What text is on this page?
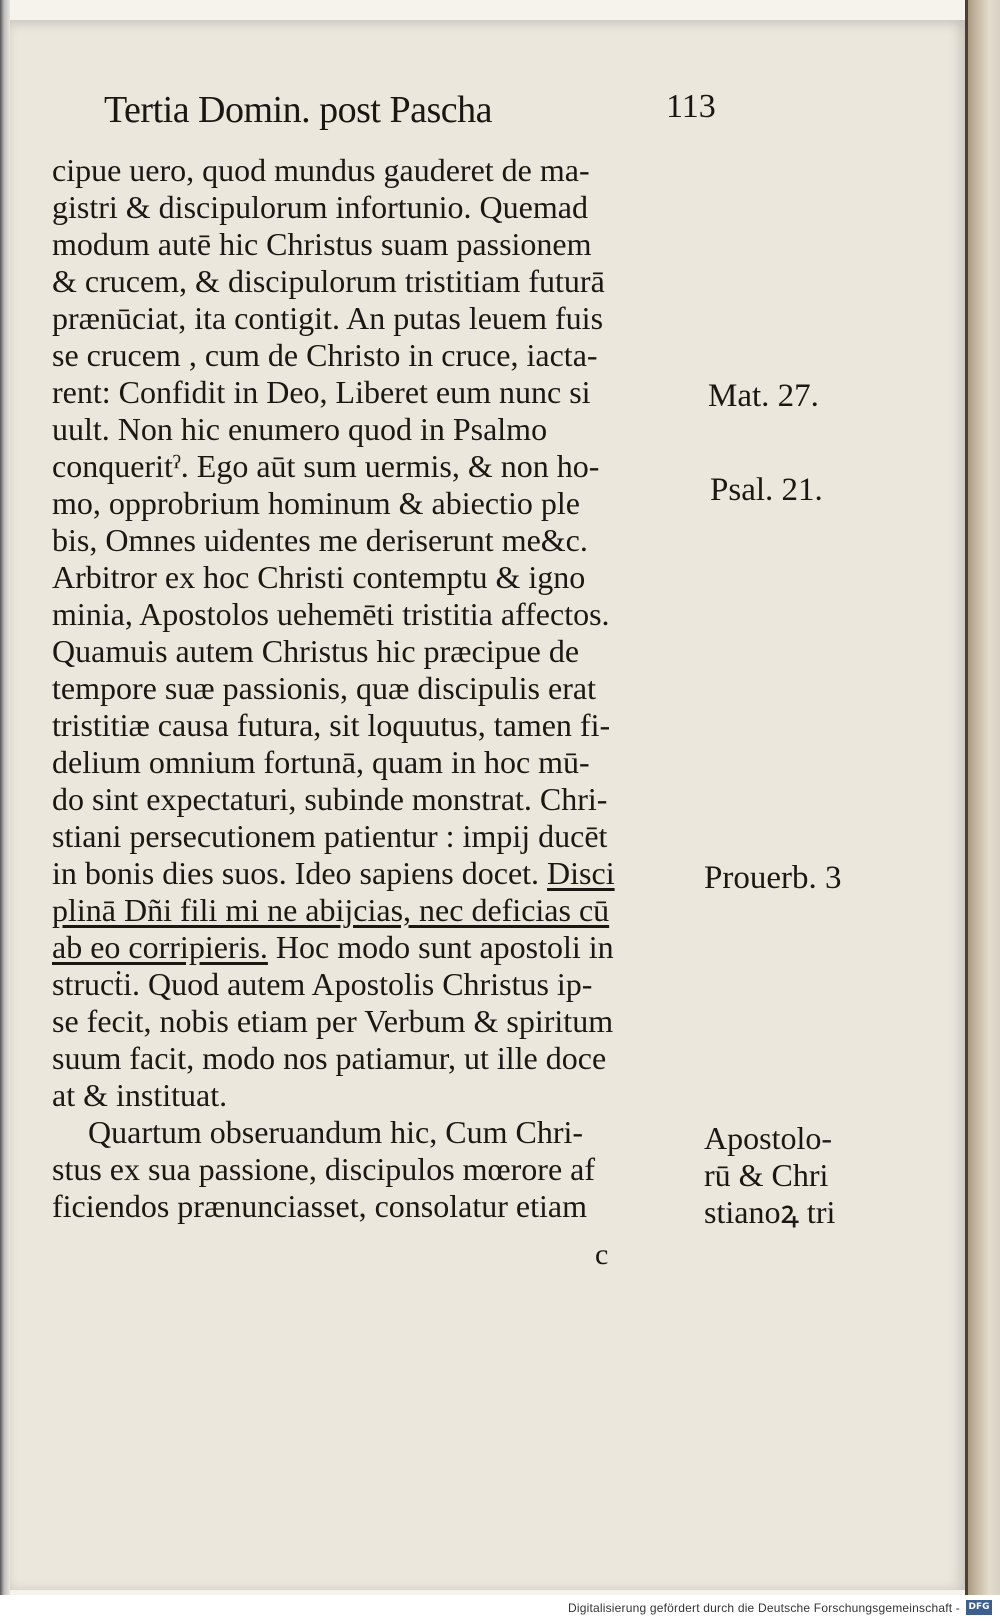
Tertia Domin. post Pascha	113
cipue uero, quod mundus gauderet de ma-
gistri & discipulorum infortunio. Quemad
modum autē hic Christus suam passionem
& crucem, & discipulorum tristitiam futurā
prænūciat, ita contigit. An putas leuem fuis
se crucem , cum de Christo in cruce, iacta-
rent: Confidit in Deo, Liberet eum nunc si
uult. Non hic enumero quod in Psalmo
conqueritˀ. Ego aūt sum uermis, & non ho-
mo, opprobrium hominum & abiectio ple
bis, Omnes uidentes me deriserunt me&c.
Arbitror ex hoc Christi contemptu & igno
minia, Apostolos uehemēti tristitia affectos.
Quamuis autem Christus hic præcipue de
tempore suæ passionis, quæ discipulis erat
tristitiæ causa futura, sit loquutus, tamen fi-
delium omnium fortunā, quam in hoc mū-
do sint expectaturi, subinde monstrat. Chri-
stiani persecutionem patientur : impij ducēt
in bonis dies suos. Ideo sapiens docet. Disci
plinā Dñi fili mi ne abijcias, nec deficias cū
ab eo corripieris. Hoc modo sunt apostoli in
strucṫi. Quod autem Apostolis Christus ip-
se fecit, nobis etiam per Verbum & spiritum
suum facit, modo nos patiamur, ut ille doce
at & instituat.
Quartum obseruandum hic, Cum Chri-
stus ex sua passione, discipulos mœrore af
ficiendos prænunciasset, consolatur etiam
c
Mat. 27.
Psal. 21.
Prouerb. 3
Apostolo-
rū & Chri
stianoꝝ tri
Digitalisierung gefördert durch die Deutsche Forschungsgemeinschaft - DFG
